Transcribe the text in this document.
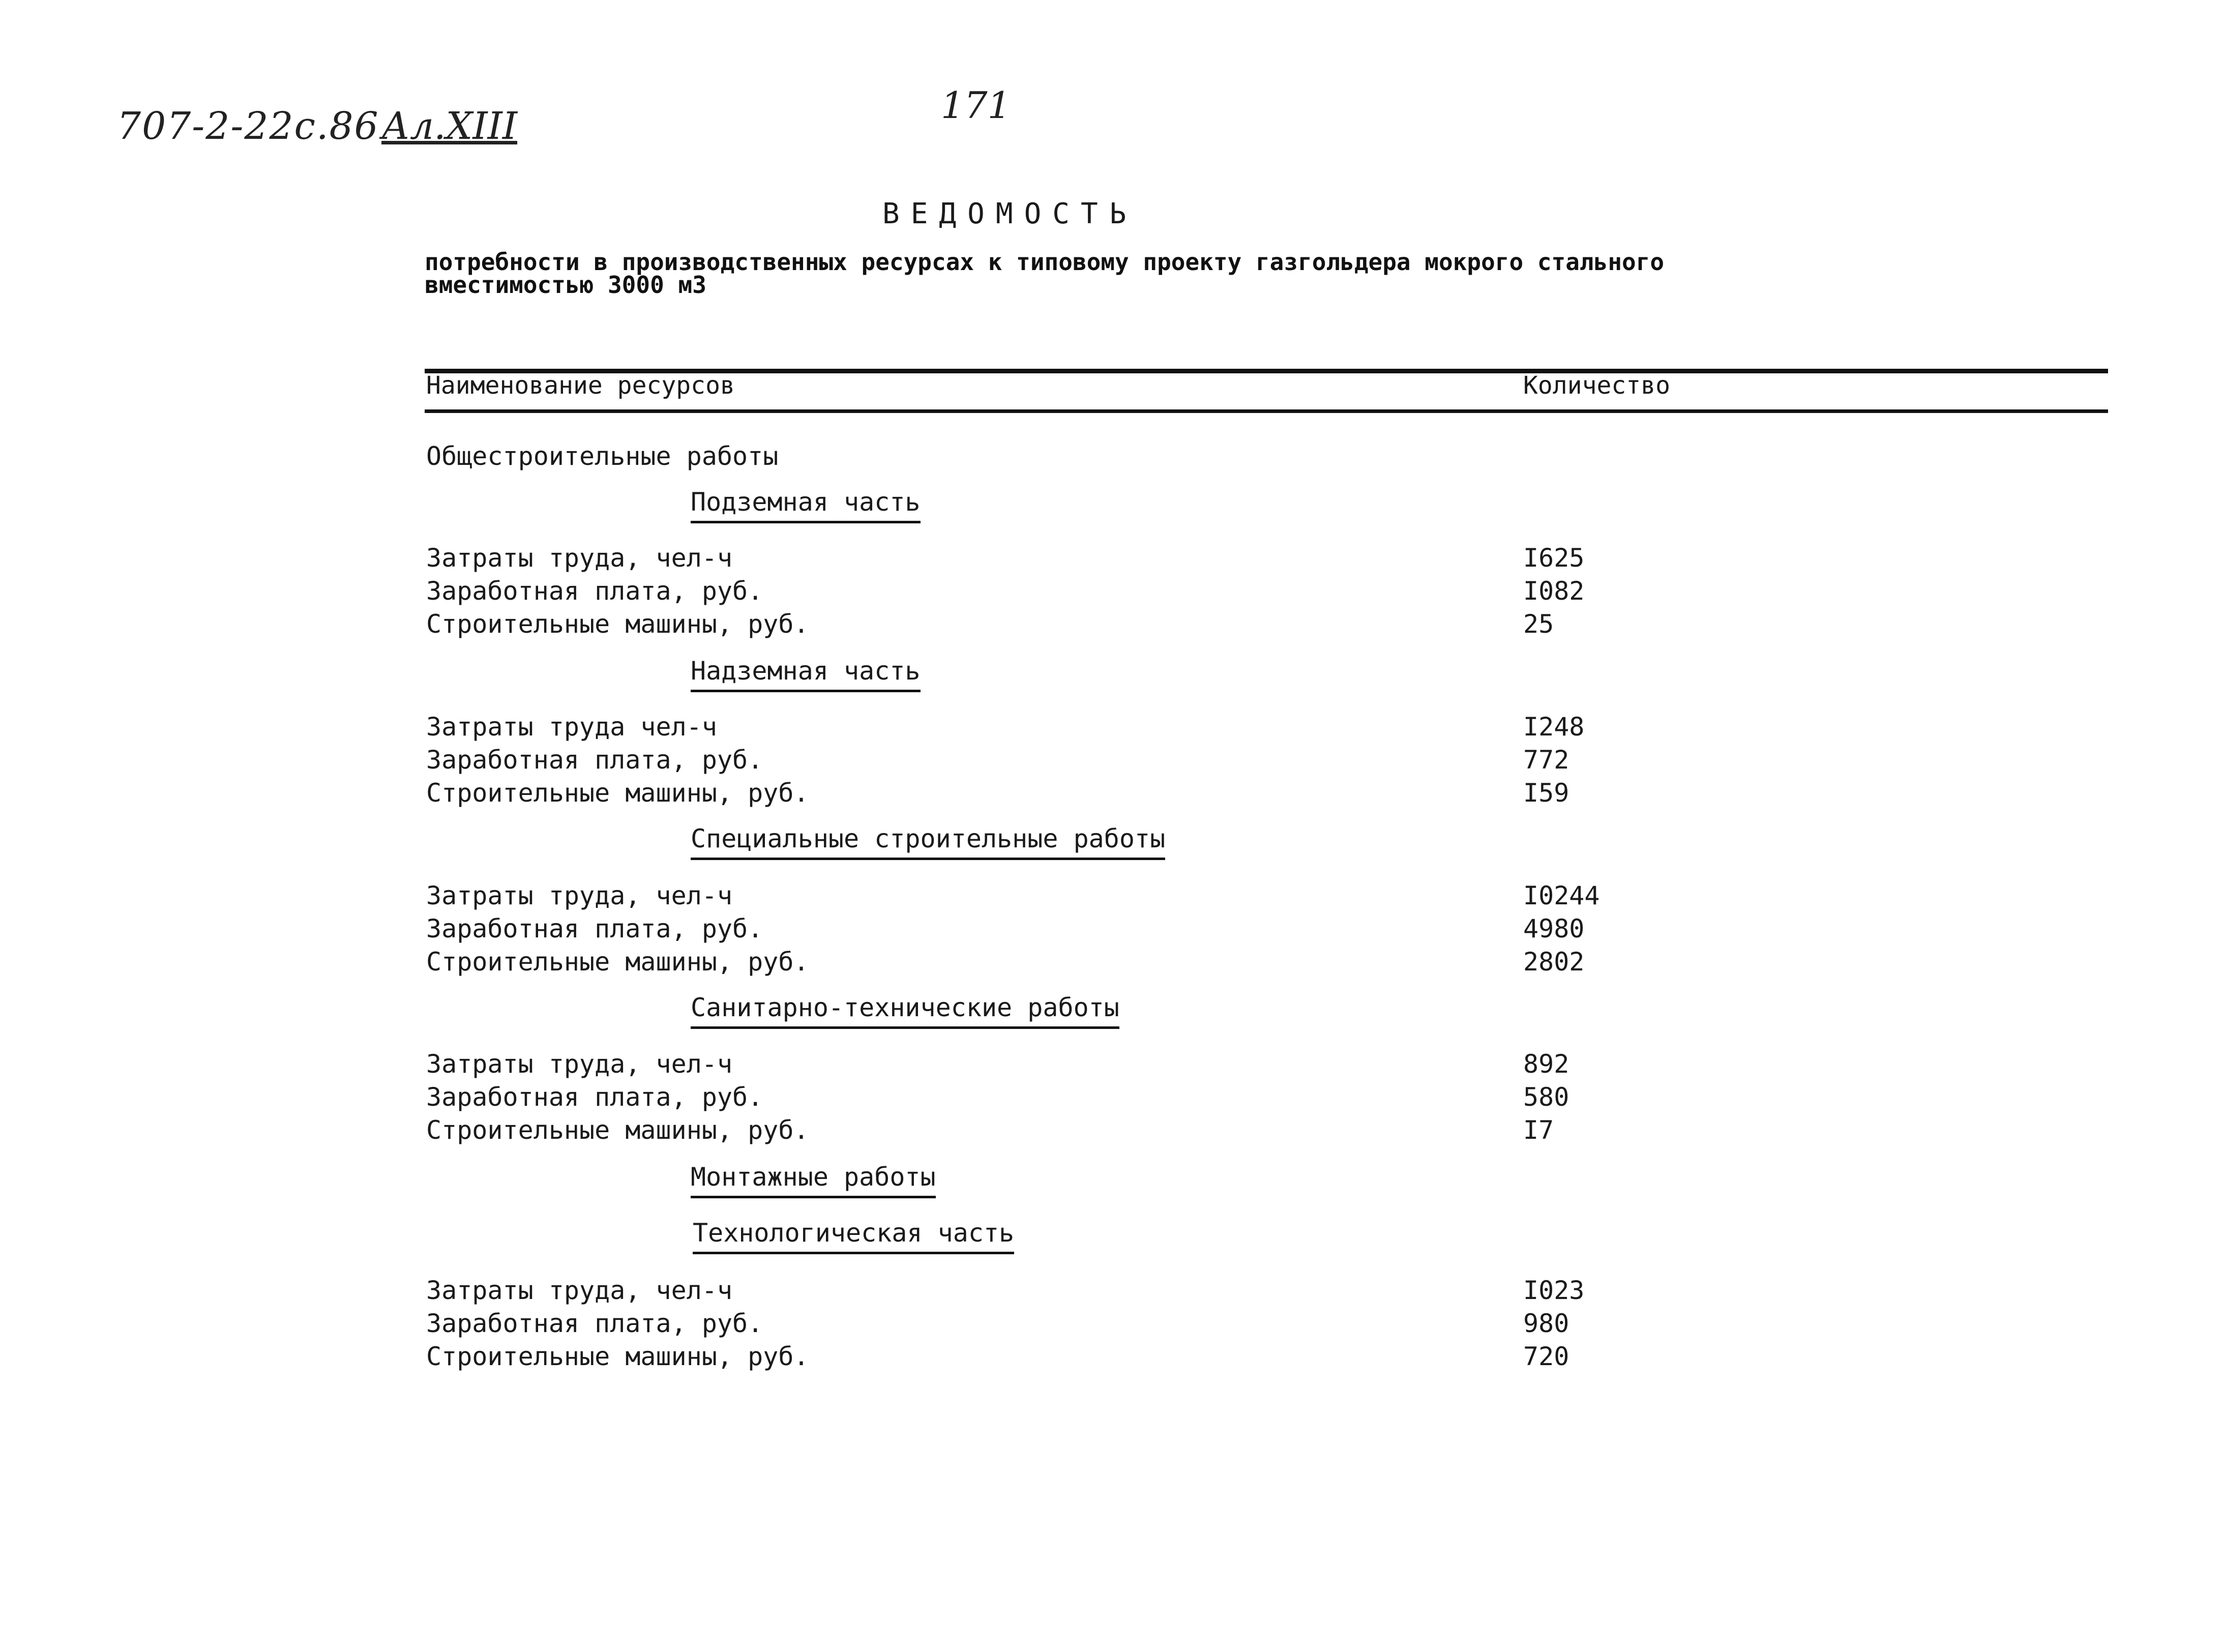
707-2-22с.86 Ал.XIII	171
ВЕДОМОСТЬ
потребности в производственных ресурсах к типовому проекту газгольдера мокрого стального
вместимостью 3000 м3
Наименование ресурсов	Количество
Общестроительные работы
Подземная часть
Затраты труда, чел-ч	I625
Заработная плата, руб.	I082
Строительные машины, руб.	25
Надземная часть
Затраты труда чел-ч	I248
Заработная плата, руб.	772
Строительные машины, руб.	I59
Специальные строительные работы
Затраты труда, чел-ч	I0244
Заработная плата, руб.	4980
Строительные машины, руб.	2802
Санитарно-технические работы
Затраты труда, чел-ч	892
Заработная плата, руб.	580
Строительные машины, руб.	I7
Монтажные работы
Технологическая часть
Затраты труда, чел-ч	I023
Заработная плата, руб.	980
Строительные машины, руб.	720
